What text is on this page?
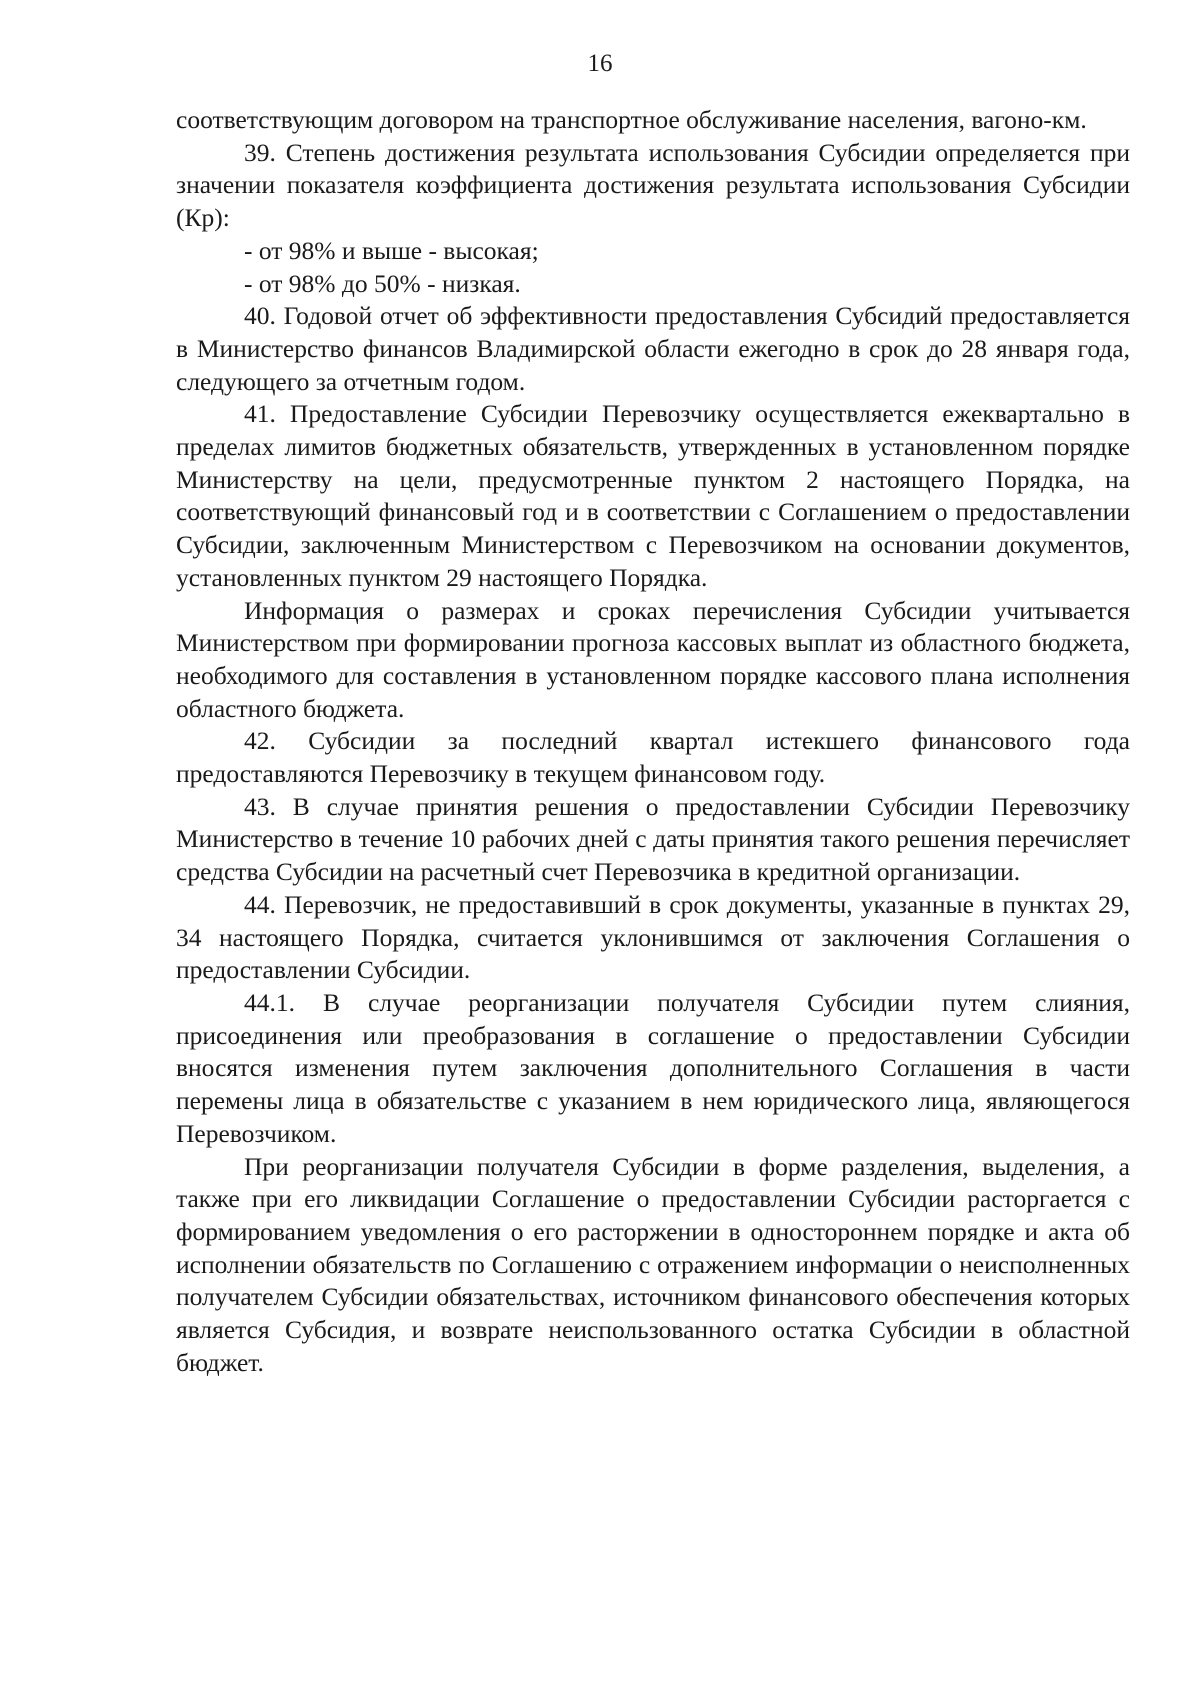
16

соответствующим договором на транспортное обслуживание населения, вагоно-км.

39. Степень достижения результата использования Субсидии определяется при значении показателя коэффициента достижения результата использования Субсидии (Кр):

- от 98% и выше - высокая;

- от 98% до 50% - низкая.

40. Годовой отчет об эффективности предоставления Субсидий предоставляется в Министерство финансов Владимирской области ежегодно в срок до 28 января года, следующего за отчетным годом.

41. Предоставление Субсидии Перевозчику осуществляется ежеквартально в пределах лимитов бюджетных обязательств, утвержденных в установленном порядке Министерству на цели, предусмотренные пунктом 2 настоящего Порядка, на соответствующий финансовый год и в соответствии с Соглашением о предоставлении Субсидии, заключенным Министерством с Перевозчиком на основании документов, установленных пунктом 29 настоящего Порядка.

Информация о размерах и сроках перечисления Субсидии учитывается Министерством при формировании прогноза кассовых выплат из областного бюджета, необходимого для составления в установленном порядке кассового плана исполнения областного бюджета.

42. Субсидии за последний квартал истекшего финансового года предоставляются Перевозчику в текущем финансовом году.

43. В случае принятия решения о предоставлении Субсидии Перевозчику Министерство в течение 10 рабочих дней с даты принятия такого решения перечисляет средства Субсидии на расчетный счет Перевозчика в кредитной организации.

44. Перевозчик, не предоставивший в срок документы, указанные в пунктах 29, 34 настоящего Порядка, считается уклонившимся от заключения Соглашения о предоставлении Субсидии.

44.1. В случае реорганизации получателя Субсидии путем слияния, присоединения или преобразования в соглашение о предоставлении Субсидии вносятся изменения путем заключения дополнительного Соглашения в части перемены лица в обязательстве с указанием в нем юридического лица, являющегося Перевозчиком.

При реорганизации получателя Субсидии в форме разделения, выделения, а также при его ликвидации Соглашение о предоставлении Субсидии расторгается с формированием уведомления о его расторжении в одностороннем порядке и акта об исполнении обязательств по Соглашению с отражением информации о неисполненных получателем Субсидии обязательствах, источником финансового обеспечения которых является Субсидия, и возврате неиспользованного остатка Субсидии в областной бюджет.
